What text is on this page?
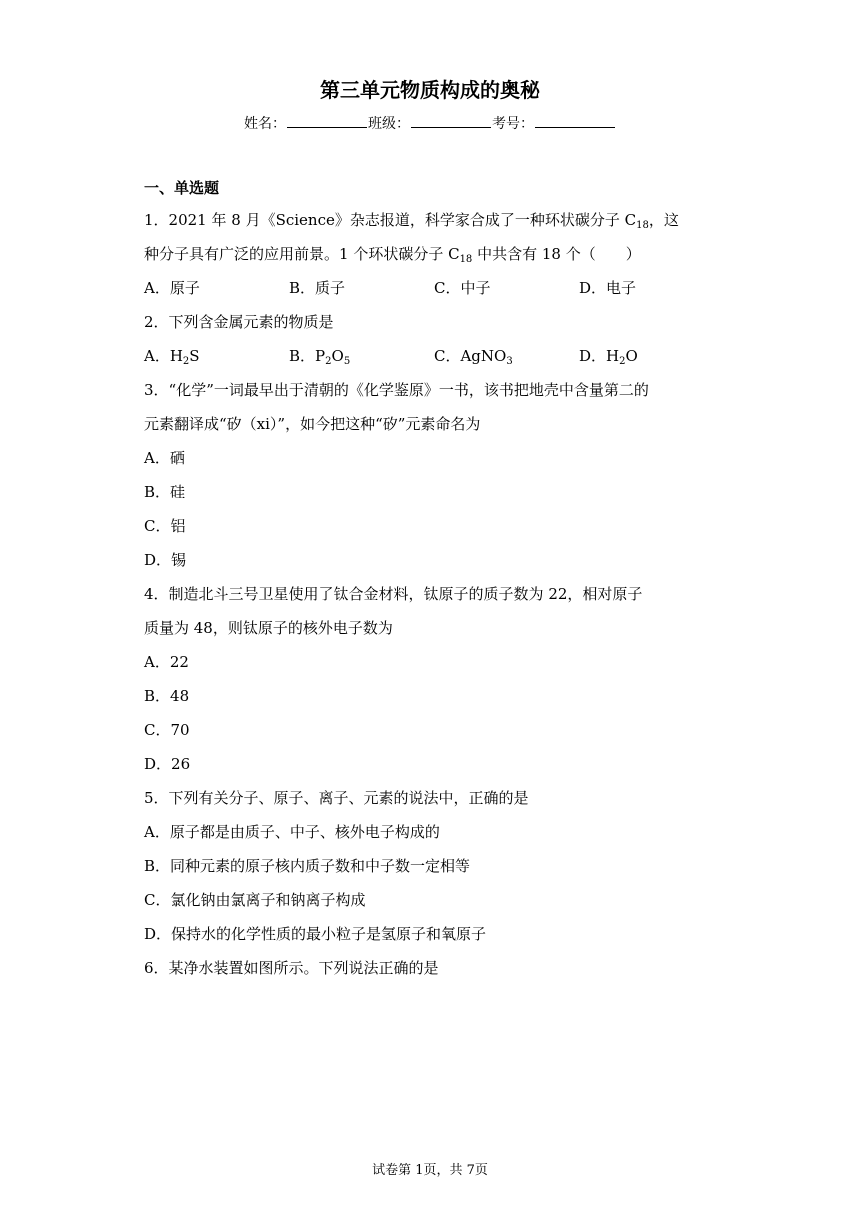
第三单元物质构成的奥秘
姓名：	班级：	考号：
一、单选题
1．2021 年 8 月《Science》杂志报道，科学家合成了一种环状碳分子 $C_{18}$，这
种分子具有广泛的应用前景。1 个环状碳分子 $C_{18}$ 中共含有 18 个（　　）
A．原子	B．质子	C．中子	D．电子
2．下列含金属元素的物质是
A．$H_2S$	B．$P_2O_5$	C．AgNO$_3$	D．$H_2O$
3．“化学”一词最早出于清朝的《化学鉴原》一书，该书把地壳中含量第二的
元素翻译成“矽（xi）”，如今把这种“矽”元素命名为
A．硒
B．硅
C．铝
D．锡
4．制造北斗三号卫星使用了钛合金材料，钛原子的质子数为 22，相对原子
质量为 48，则钛原子的核外电子数为
A．22
B．48
C．70
D．26
5．下列有关分子、原子、离子、元素的说法中，正确的是
A．原子都是由质子、中子、核外电子构成的
B．同种元素的原子核内质子数和中子数一定相等
C．氯化钠由氯离子和钠离子构成
D．保持水的化学性质的最小粒子是氢原子和氧原子
6．某净水装置如图所示。下列说法正确的是
试卷第 1页，共 7页
